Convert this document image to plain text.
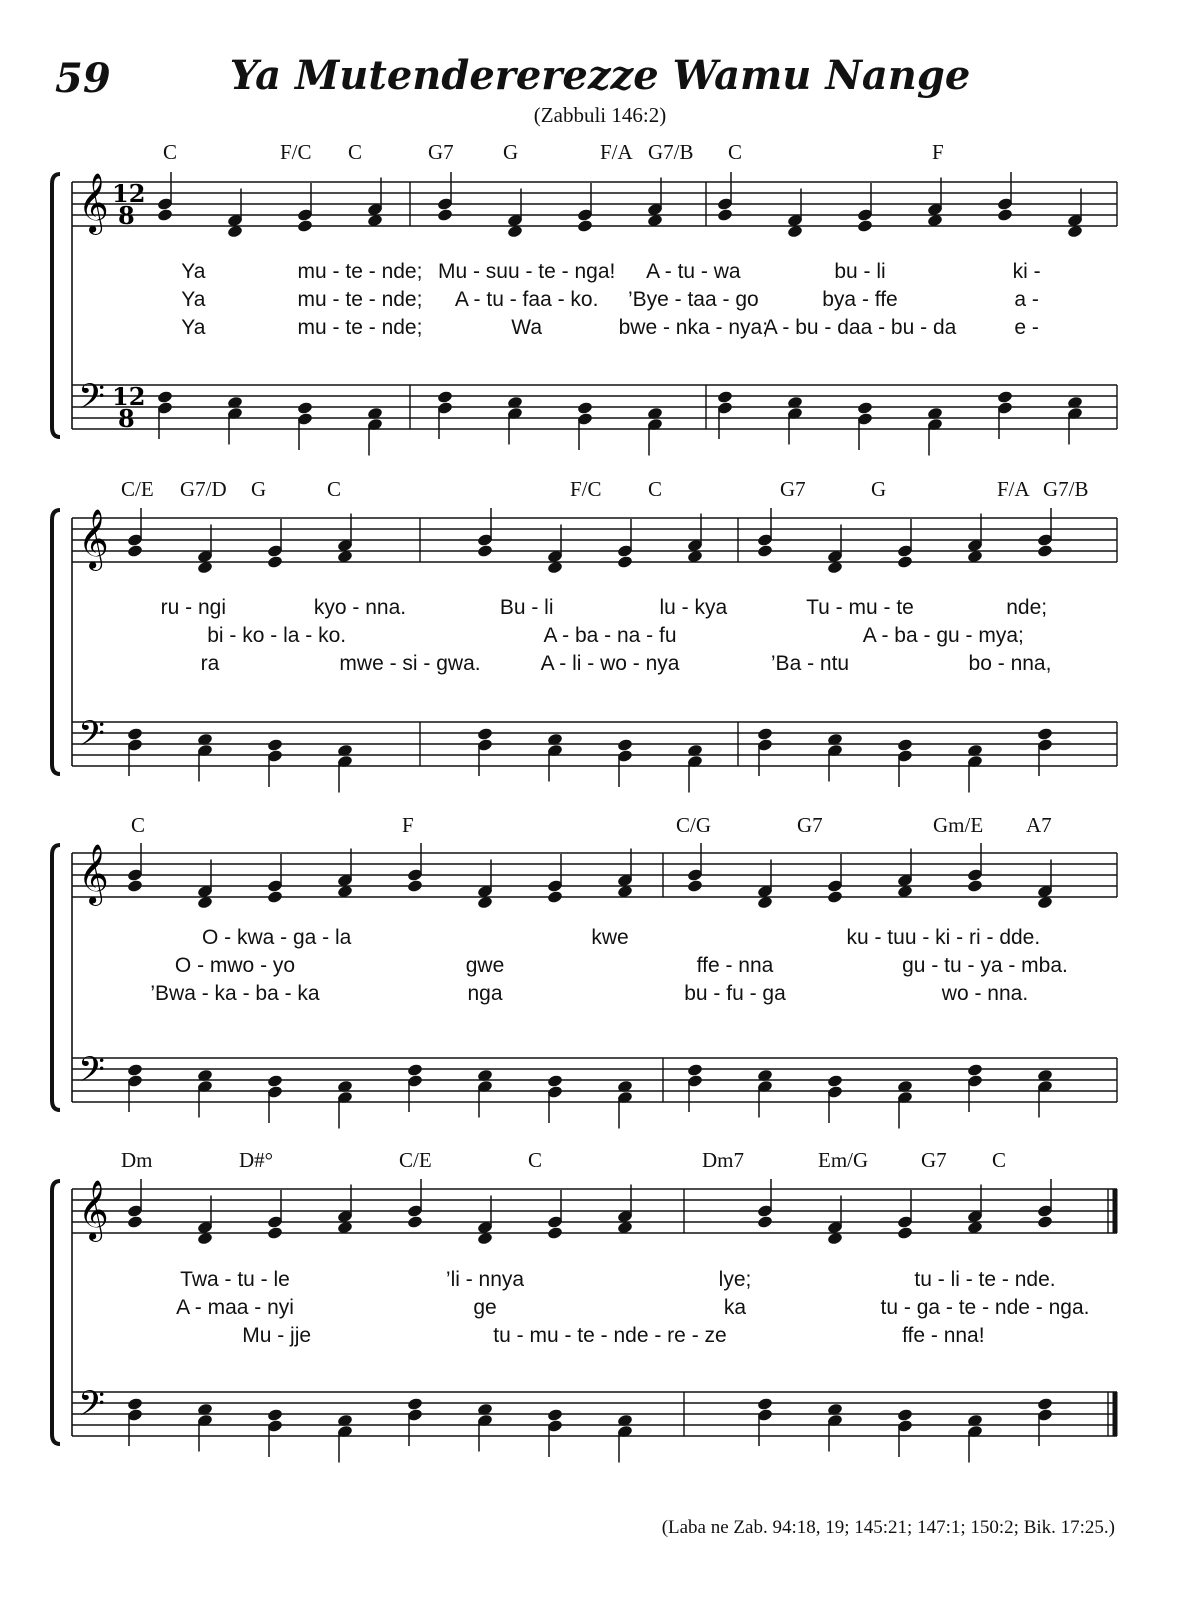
59	Ya Mutendererezze Wamu Nange
(Zabbuli 146:2)
𝄞
𝄢
12
8
12
8
C	F/C C	G7 G	F/A G7/B C	F
Ya	mu - te - nde; Mu - suu - te - nga! A - tu - wa	bu - li	ki -
Ya	mu - te - nde; A - tu - faa - ko. ’Bye - taa - go	bya - ffe	a -
Ya	mu - te - nde;	Wa	bwe - nka - nya;
A - bu - daa - bu - da	e -
𝄞
𝄢
C/E G7/D G	C	F/C C	G7	G	F/A G7/B
ru - ngi	kyo - nna.	Bu - li	lu - kya	Tu - mu - te	nde;
bi - ko - la - ko.	A - ba - na - fu	A - ba - gu - mya;
ra	mwe - si - gwa.	A - li - wo - nya	’Ba - ntu	bo - nna,
𝄞
𝄢
C	F	C/G	G7	Gm/E A7
O - kwa - ga - la	kwe	ku - tuu - ki - ri - dde.
O - mwo - yo	gwe	ffe - nna	gu - tu - ya - mba.
’Bwa - ka - ba - ka	nga	bu - fu - ga	wo - nna.
𝄞
𝄢
Dm	D#°	C/E	C	Dm7	Em/G	G7 C
Twa - tu - le	’li - nnya	lye;	tu - li - te - nde.
A - maa - nyi	ge	ka	tu - ga - te - nde - nga.
Mu - jje	tu - mu - te - nde - re - ze	ffe - nna!
(Laba ne Zab. 94:18, 19; 145:21; 147:1; 150:2; Bik. 17:25.)
